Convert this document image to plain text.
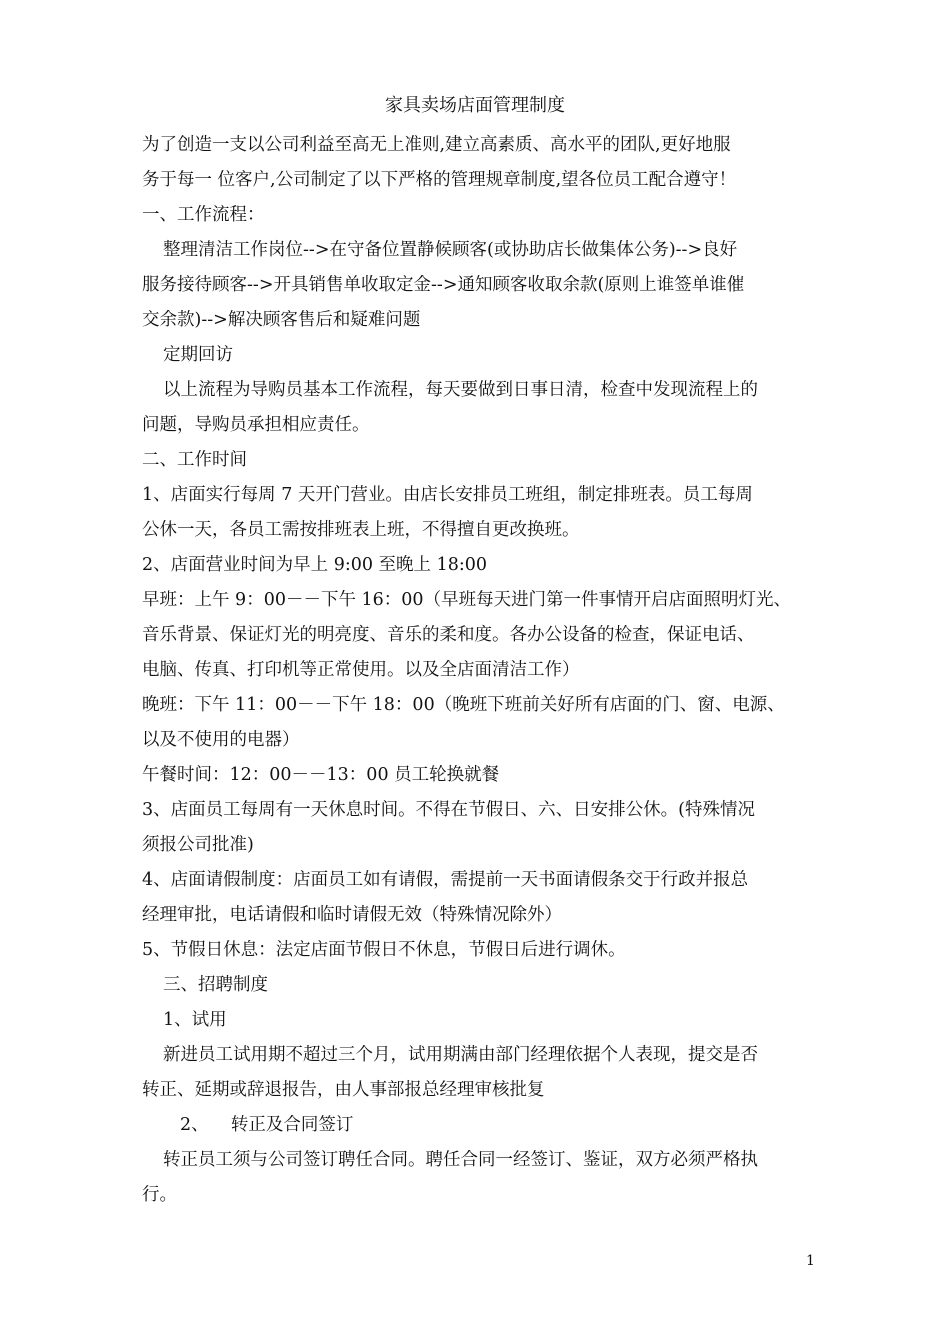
家具卖场店面管理制度
为了创造一支以公司利益至高无上准则,建立高素质、高水平的团队,更好地服
务于每一 位客户,公司制定了以下严格的管理规章制度,望各位员工配合遵守！
一、工作流程：
整理清洁工作岗位-->在守备位置静候顾客(或协助店长做集体公务)-->良好
服务接待顾客-->开具销售单收取定金-->通知顾客收取余款(原则上谁签单谁催
交余款)-->解决顾客售后和疑难问题
定期回访
以上流程为导购员基本工作流程，每天要做到日事日清，检查中发现流程上的
问题，导购员承担相应责任。
二、工作时间
1、店面实行每周 7 天开门营业。由店长安排员工班组，制定排班表。员工每周
公休一天，各员工需按排班表上班，不得擅自更改换班。
2、店面营业时间为早上 9:00 至晚上 18:00
早班：上午 9：00－－下午 16：00（早班每天进门第一件事情开启店面照明灯光、
音乐背景、保证灯光的明亮度、音乐的柔和度。各办公设备的检查，保证电话、
电脑、传真、打印机等正常使用。以及全店面清洁工作）
晚班：下午 11：00－－下午 18：00（晚班下班前关好所有店面的门、窗、电源、
以及不使用的电器）
午餐时间：12：00－－13：00 员工轮换就餐
3、店面员工每周有一天休息时间。不得在节假日、六、日安排公休。(特殊情况
须报公司批准)
4、店面请假制度：店面员工如有请假，需提前一天书面请假条交于行政并报总
经理审批，电话请假和临时请假无效（特殊情况除外）
5、节假日休息：法定店面节假日不休息，节假日后进行调休。
三、招聘制度
1、试用
新进员工试用期不超过三个月，试用期满由部门经理依据个人表现，提交是否
转正、延期或辞退报告，由人事部报总经理审核批复
2、    转正及合同签订
转正员工须与公司签订聘任合同。聘任合同一经签订、鉴证，双方必须严格执
行。
1
